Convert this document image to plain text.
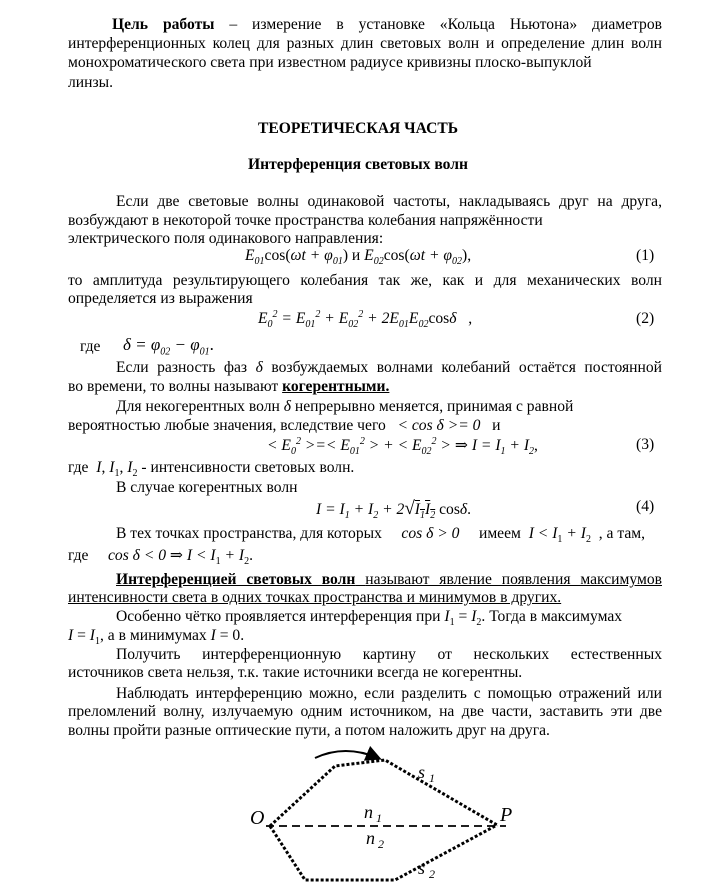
Цель работы – измерение в установке «Кольца Ньютона» диаметров
интерференционных колец для разных длин световых волн и определение длин волн
монохроматического света при известном радиусе кривизны плоско-выпуклой
линзы.
ТЕОРЕТИЧЕСКАЯ ЧАСТЬ
Интерференция световых волн
Если две световые волны одинаковой частоты, накладываясь друг на друга,
возбуждают в некоторой точке пространства колебания напряжённости
электрического поля одинакового направления:
$E_{01}\cos(\omega t + \varphi_{01})$ и $E_{02}\cos(\omega t + \varphi_{02})$,	(1)
то амплитуда результирующего колебания так же, как и для механических волн
определяется из выражения
$E_0^2 = E_{01}^2 + E_{02}^2 + 2E_{01}E_{02}\cos\delta$   ,	(2)
где	$\delta = \varphi_{02} - \varphi_{01}$.
Если разность фаз δ возбуждаемых волнами колебаний остаётся постоянной
во времени, то волны называют когерентными.
Для некогерентных волн δ непрерывно меняется, принимая с равной
вероятностью любые значения, вследствие чего < cos δ >= 0 и
< $E_0^2$ >=< $E_{01}^2$ > + < $E_{02}^2$ > ⇒ $I = I_1 + I_2$,	(3)
где I, $I_1$, $I_2$ - интенсивности световых волн.
В случае когерентных волн
$I = I_1 + I_2 + 2√I_1I_2$ cosδ.	(4)
В тех точках пространства, для которых cos δ > 0 имеем $I < I_1 + I_2$ , а там,
где cos δ < 0 ⇒ $I < I_1 + I_2$.
Интерференцией световых волн называют явление появления максимумов
интенсивности света в одних точках пространства и минимумов в других.
Особенно чётко проявляется интерференция при $I_1 = I_2$. Тогда в максимумах
$I = I_1$, а в минимумах I = 0.
Получить интерференционную картину от нескольких естественных
источников света нельзя, т.к. такие источники всегда не когерентны.
Наблюдать интерференцию можно, если разделить с помощью отражений или
преломлений волну, излучаемую одним источником, на две части, заставить эти две
волны пройти разные оптические пути, а потом наложить друг на друга.
O	P
s 1
n 1
n 2
s 2
